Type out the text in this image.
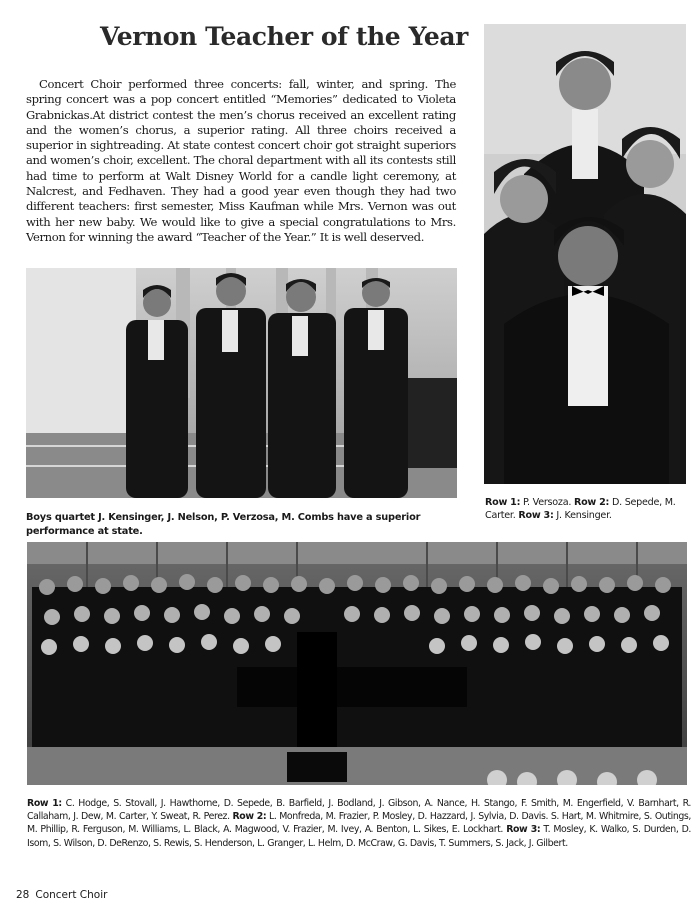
Vernon Teacher of the Year

Concert Choir performed three concerts: fall, winter, and spring. The spring concert was a pop concert entitled “Memories” dedicated to Violeta Grabnickas.At district contest the men’s chorus received an excellent rating and the women’s chorus, a superior rating. All three choirs received a superior in sightreading. At state contest concert choir got straight superiors and women’s choir, excellent. The choral department with all its contests still had time to perform at Walt Disney World for a candle light ceremony, at Nalcrest, and Fedhaven. They had a good year even though they had two different teachers: first semester, Miss Kaufman while Mrs. Vernon was out with her new baby. We would like to give a special congratulations to Mrs. Vernon for winning the award “Teacher of the Year.” It is well deserved.

Boys quartet J. Kensinger, J. Nelson, P. Verzosa, M. Combs have a superior performance at state.
Row 1: P. Versoza. Row 2: D. Sepede, M. Carter. Row 3: J. Kensinger.

Row 1: C. Hodge, S. Stovall, J. Hawthorne, D. Sepede, B. Barfield, J. Bodland, J. Gibson, A. Nance, H. Stango, F. Smith, M. Engerfield, V. Barnhart, R. Callaham, J. Dew, M. Carter, Y. Sweat, R. Perez. Row 2: L. Monfreda, M. Frazier, P. Mosley, D. Hazzard, J. Sylvia, D. Davis. S. Hart, M. Whitmire, S. Outings, M. Phillip, R. Ferguson, M. Williams, L. Black, A. Magwood, V. Frazier, M. Ivey, A. Benton, L. Sikes, E. Lockhart. Row 3: T. Mosley, K. Walko, S. Durden, D. Isom, S. Wilson, D. DeRenzo, S. Rewis, S. Henderson, L. Granger, L. Helm, D. McCraw, G. Davis, T. Summers, S. Jack, J. Gilbert.

28 Concert Choir
